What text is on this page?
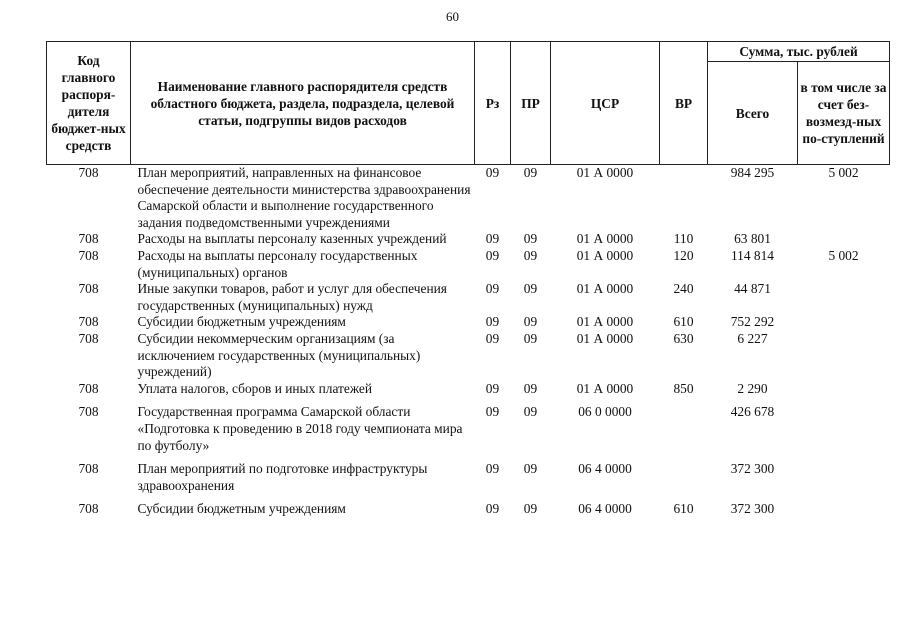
60
Код главного распоря-дителя бюджет-ных средств	Наименование главного распорядителя средств областного бюджета, раздела, подраздела, целевой статьи, подгруппы видов расходов	Рз	ПР	ЦСР	ВР	Сумма, тыс. рублей	
						Всего	в том числе за счет без-возмезд-ных по-ступлений
708	План мероприятий, направленных на финансовое обеспечение деятельности министерства здравоохранения Самарской области и выполнение государственного задания подведомственными учреждениями	09	09	01 А 0000		984 295	5 002
708	Расходы на выплаты персоналу казенных учреждений	09	09	01 А 0000	110	63 801	
708	Расходы на выплаты персоналу государственных (муниципальных) органов	09	09	01 А 0000	120	114 814	5 002
708	Иные закупки товаров, работ и услуг для обеспечения государственных (муниципальных) нужд	09	09	01 А 0000	240	44 871	
708	Субсидии бюджетным учреждениям	09	09	01 А 0000	610	752 292	
708	Субсидии некоммерческим организациям (за исключением государственных (муниципальных) учреждений)	09	09	01 А 0000	630	6 227	
708	Уплата налогов, сборов и иных платежей	09	09	01 А 0000	850	2 290	
708	Государственная программа Самарской области «Подготовка к проведению в 2018 году чемпионата мира по футболу»	09	09	06 0 0000		426 678	
708	План мероприятий по подготовке инфраструктуры здравоохранения	09	09	06 4 0000		372 300	
708	Субсидии бюджетным учреждениям	09	09	06 4 0000	610	372 300	
